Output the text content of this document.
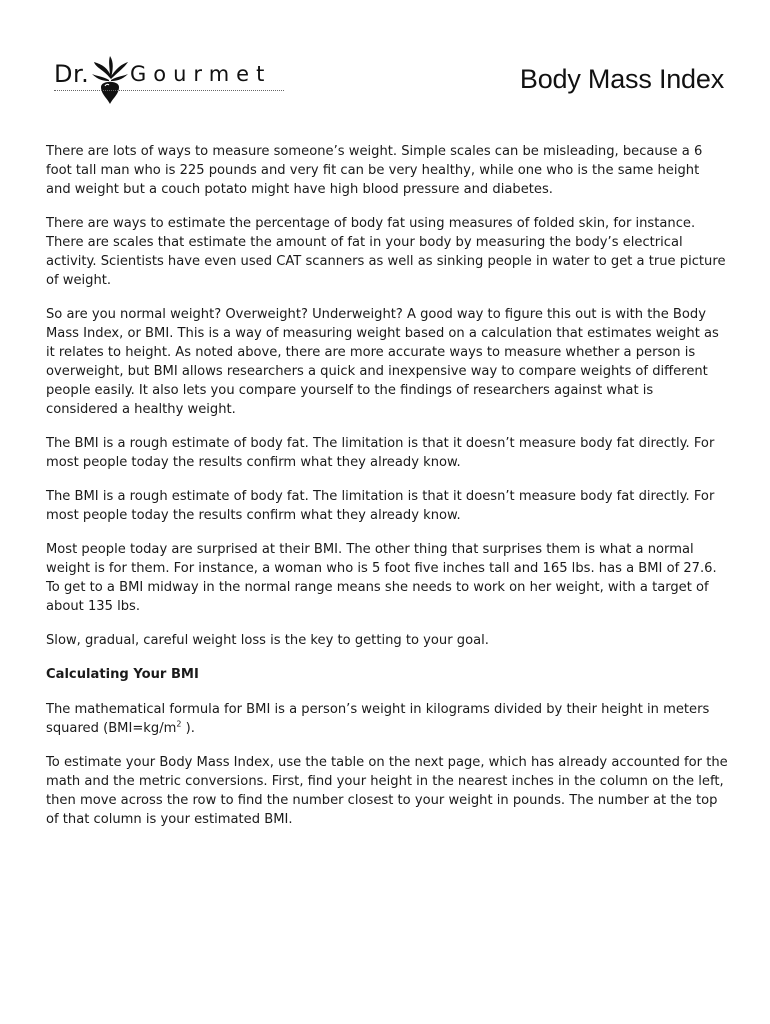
Dr. Gourmet	Body Mass Index

There are lots of ways to measure someone’s weight. Simple scales can be misleading, because a 6 foot tall man who is 225 pounds and very fit can be very healthy, while one who is the same height and weight but a couch potato might have high blood pressure and diabetes.

There are ways to estimate the percentage of body fat using measures of folded skin, for instance. There are scales that estimate the amount of fat in your body by measuring the body’s electrical activity. Scientists have even used CAT scanners as well as sinking people in water to get a true picture of weight.

So are you normal weight? Overweight? Underweight? A good way to figure this out is with the Body Mass Index, or BMI. This is a way of measuring weight based on a calculation that estimates weight as it relates to height. As noted above, there are more accurate ways to measure whether a person is overweight, but BMI allows researchers a quick and inexpensive way to compare weights of different people easily. It also lets you compare yourself to the findings of researchers against what is considered a healthy weight.

The BMI is a rough estimate of body fat. The limitation is that it doesn’t measure body fat directly. For most people today the results confirm what they already know.

The BMI is a rough estimate of body fat. The limitation is that it doesn’t measure body fat directly. For most people today the results confirm what they already know.

Most people today are surprised at their BMI. The other thing that surprises them is what a normal weight is for them. For instance, a woman who is 5 foot five inches tall and 165 lbs. has a BMI of 27.6. To get to a BMI midway in the normal range means she needs to work on her weight, with a target of about 135 lbs.

Slow, gradual, careful weight loss is the key to getting to your goal.

Calculating Your BMI

The mathematical formula for BMI is a person’s weight in kilograms divided by their height in meters squared ($BMI=kg/m^2$ ).

To estimate your Body Mass Index, use the table on the next page, which has already accounted for the math and the metric conversions. First, find your height in the nearest inches in the column on the left, then move across the row to find the number closest to your weight in pounds. The number at the top of that column is your estimated BMI.
